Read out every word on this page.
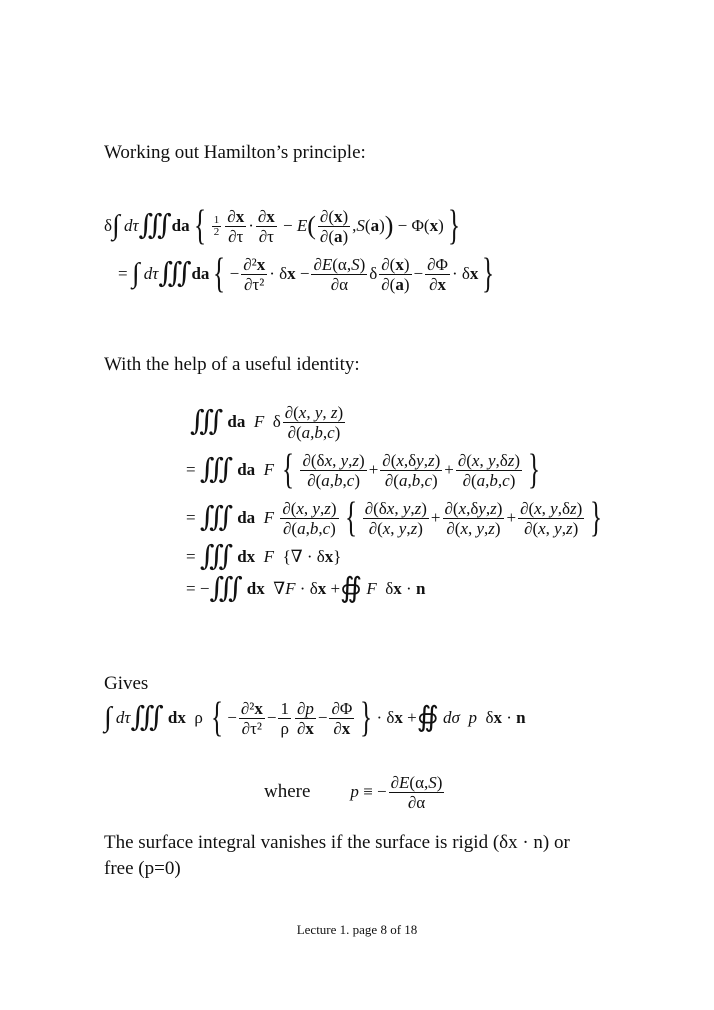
Working out Hamilton’s principle:
δ ∫ dτ ∭ da { $\frac{1}{2} \frac{\partial x}{\partial\tau} \cdot \frac{\partial x}{\partial\tau} - E$ ( $\frac{\partial(x)}{\partial(a)} ,S(a)$ ) − Φ(x) }
= ∫ dτ ∭ da { − $\frac{\text{∂²x}}{\text{∂τ²}} \cdot \delta x - \frac{\partial E(\alpha,S)}{\partial\alpha}$ δ $\frac{\partial(x)}{\partial(a)} - \frac{\partial\Phi}{\partial x} \cdot \delta x$ }
With the help of a useful identity:
∭ da F  δ $\frac{\partial(x, y, z)}{\partial(a,b,c)}$
= ∭ da F { $\frac{\partial(\delta x, y,z)}{\partial(a,b,c)} + \frac{\partial(x,\delta y,z)}{\partial(a,b,c)} + \frac{\partial(x, y,\delta z)}{\partial(a,b,c)}$ }
= ∭ da F $\frac{\partial(x, y,z)}{\partial(a,b,c)}$ { $\frac{\partial(\delta x, y,z)}{\partial(x, y,z)} + \frac{\partial(x,\delta y,z)}{\partial(x, y,z)} + \frac{\partial(x, y,\delta z)}{\partial(x, y,z)}$ }
= ∭ dx F  {∇ · δx}
= − ∭ dx  ∇F · δx + ∯ F  δx · n
Gives
∫ dτ ∭ dx  ρ { − $\frac{\text{∂²x}}{\text{∂τ²}} - \frac{1}{\rho} \frac{\partial p}{\partial x} - \frac{\partial\Phi}{\partial x}$ } · δx + ∯ dσ p  δx · n
where p ≡ − $\frac{\partial E(\alpha,S)}{\partial\alpha}$
The surface integral vanishes if the surface is rigid (δx · n) or
free (p=0)
Lecture 1. page 8 of 18
